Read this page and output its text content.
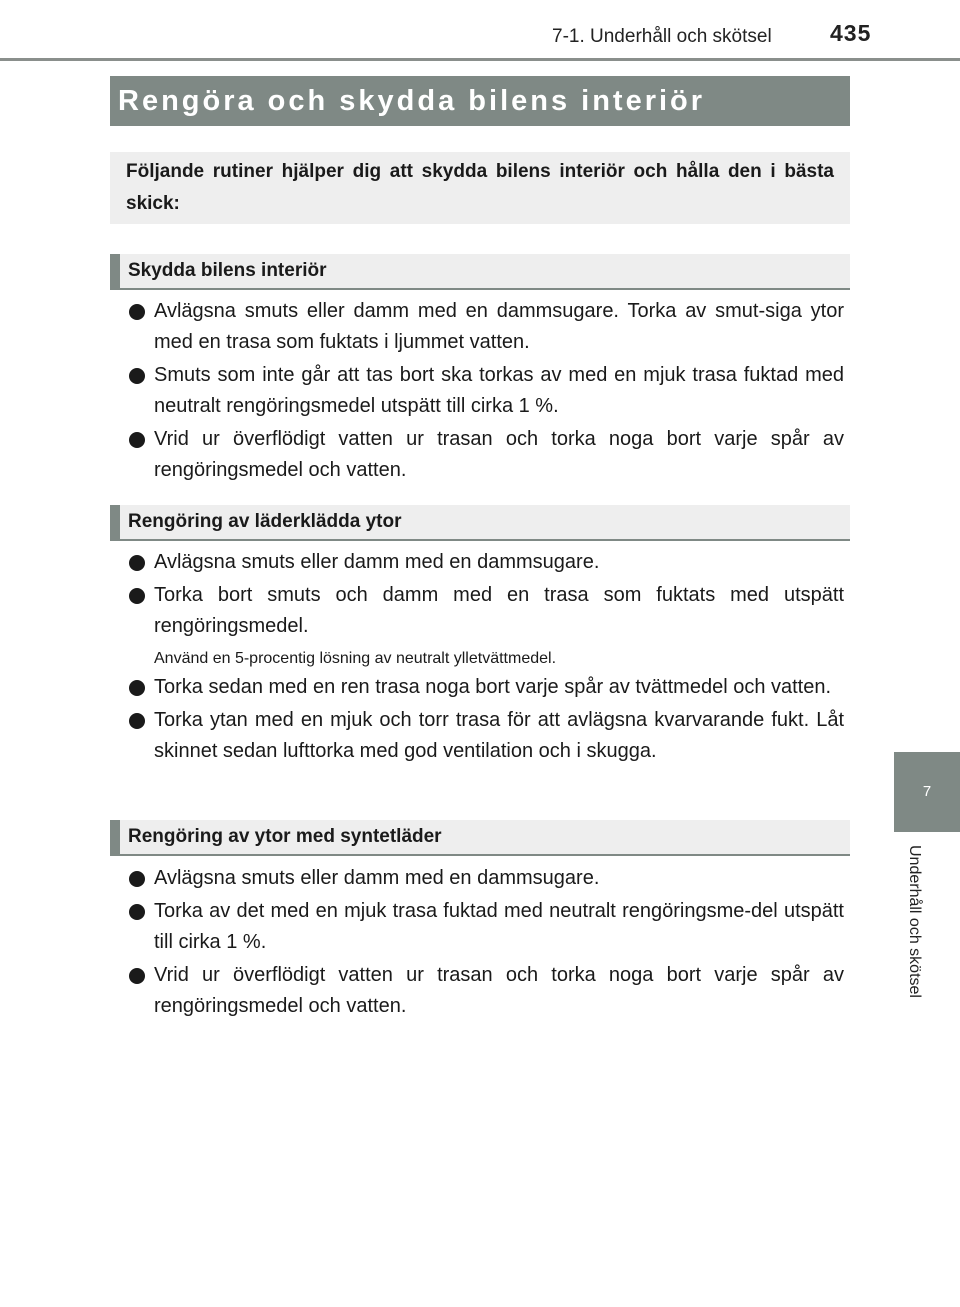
7-1. Underhåll och skötsel	435
7
Underhåll och skötsel
Rengöra och skydda bilens interiör
Följande rutiner hjälper dig att skydda bilens interiör och hålla den i bästa skick:
Skydda bilens interiör
Avlägsna smuts eller damm med en dammsugare. Torka av smut-siga ytor med en trasa som fuktats i ljummet vatten.
Smuts som inte går att tas bort ska torkas av med en mjuk trasa fuktad med neutralt rengöringsmedel utspätt till cirka 1 %.
Vrid ur överflödigt vatten ur trasan och torka noga bort varje spår av rengöringsmedel och vatten.
Rengöring av läderklädda ytor
Avlägsna smuts eller damm med en dammsugare.
Torka bort smuts och damm med en trasa som fuktats med utspätt rengöringsmedel.
Använd en 5-procentig lösning av neutralt ylletvättmedel.
Torka sedan med en ren trasa noga bort varje spår av tvättmedel och vatten.
Torka ytan med en mjuk och torr trasa för att avlägsna kvarvarande fukt. Låt skinnet sedan lufttorka med god ventilation och i skugga.
Rengöring av ytor med syntetläder
Avlägsna smuts eller damm med en dammsugare.
Torka av det med en mjuk trasa fuktad med neutralt rengöringsme-del utspätt till cirka 1 %.
Vrid ur överflödigt vatten ur trasan och torka noga bort varje spår av rengöringsmedel och vatten.
